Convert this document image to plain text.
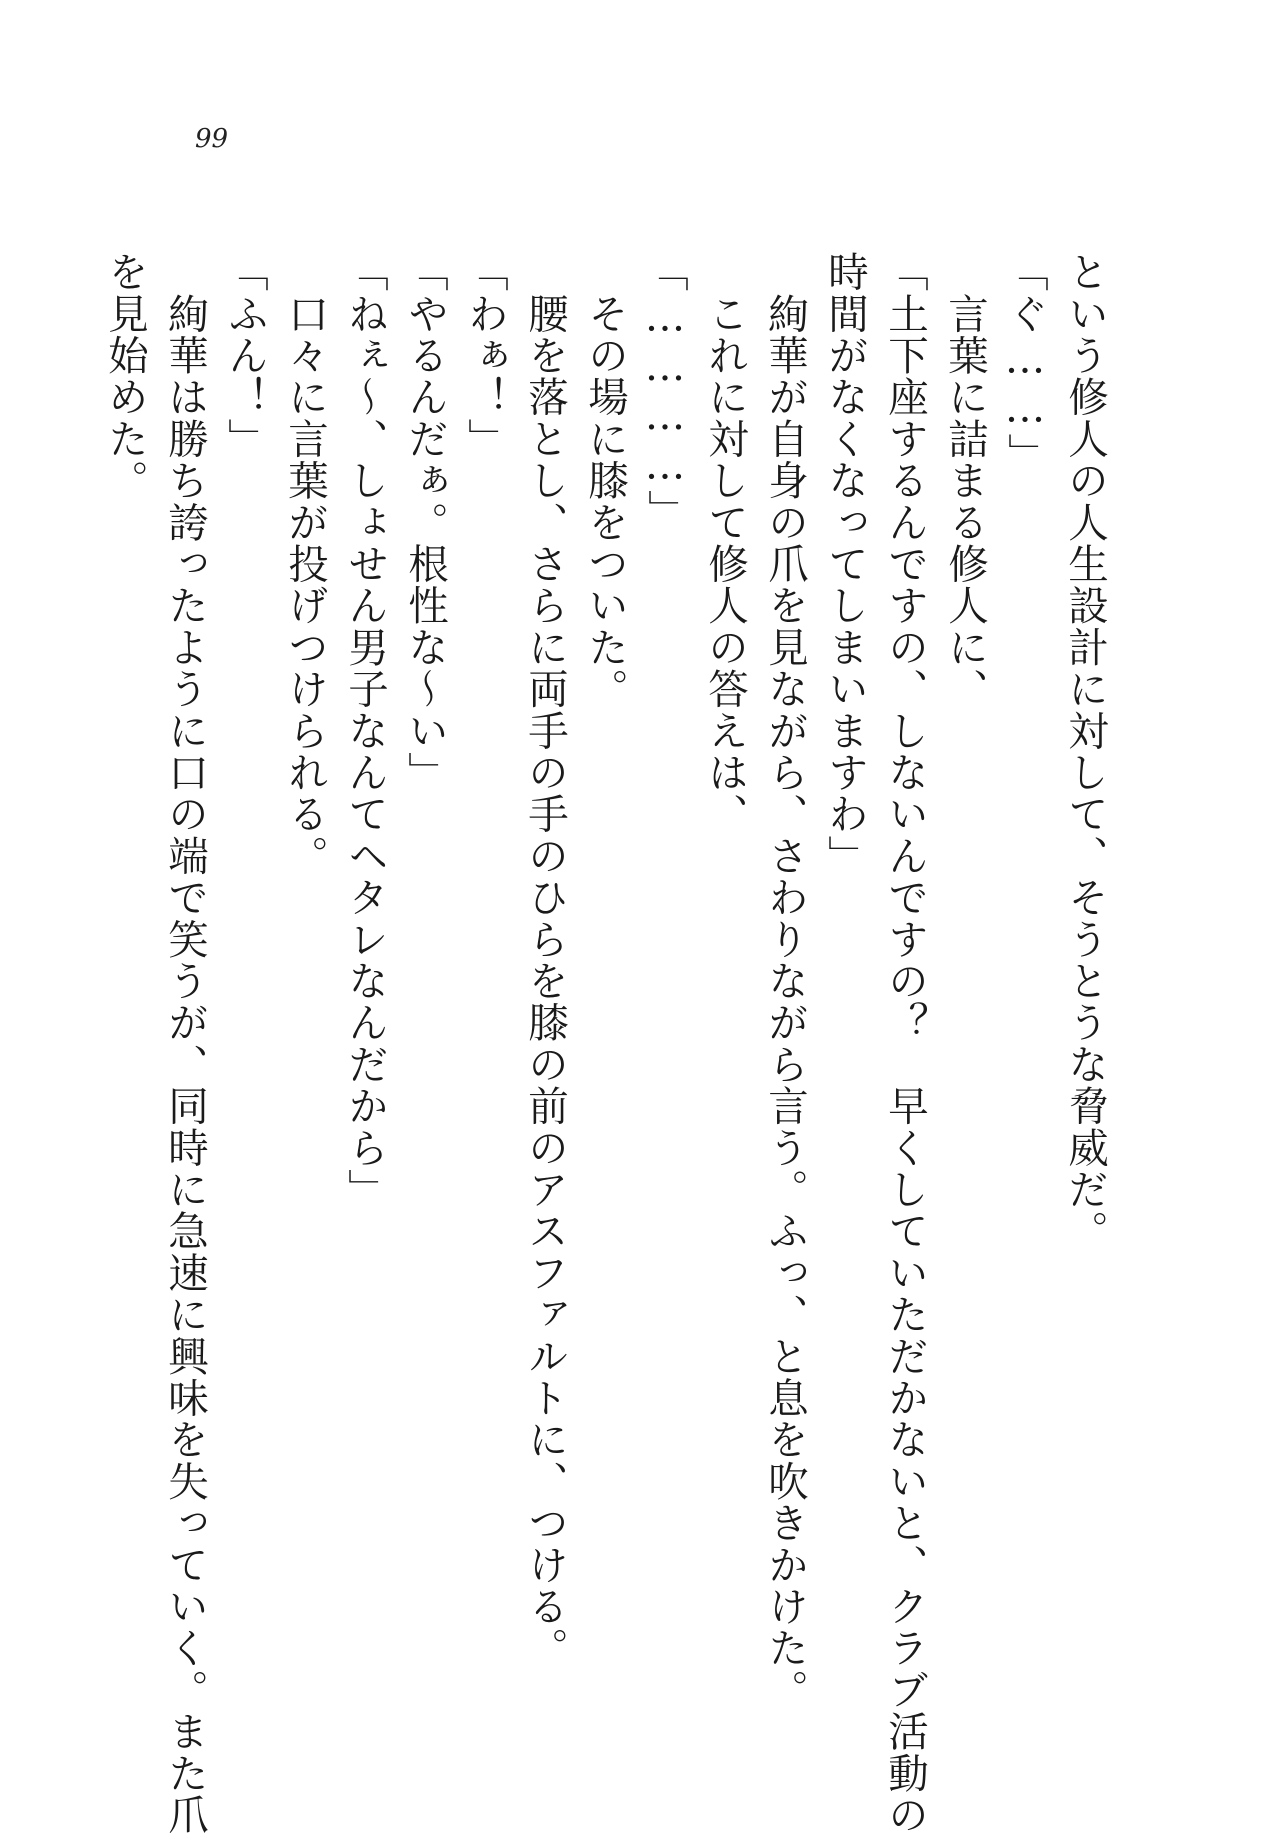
99
という修人の人生設計に対して、そうとうな脅威だ。
「ぐ……」
　言葉に詰まる修人に、
「土下座するんですの、しないんですの？　早くしていただかないと、クラブ活動の
時間がなくなってしまいますわ」
　絢華が自身の爪を見ながら、さわりながら言う。ふっ、と息を吹きかけた。
　これに対して修人の答えは、
「…………」
　その場に膝をついた。
　腰を落とし、さらに両手の手のひらを膝の前のアスファルトに、つける。
「わぁ！」
「やるんだぁ。根性な～い」
「ねぇ～、しょせん男子なんてヘタレなんだから」
　口々に言葉が投げつけられる。
「ふん！」
　絢華は勝ち誇ったように口の端で笑うが、同時に急速に興味を失っていく。また爪
を見始めた。
